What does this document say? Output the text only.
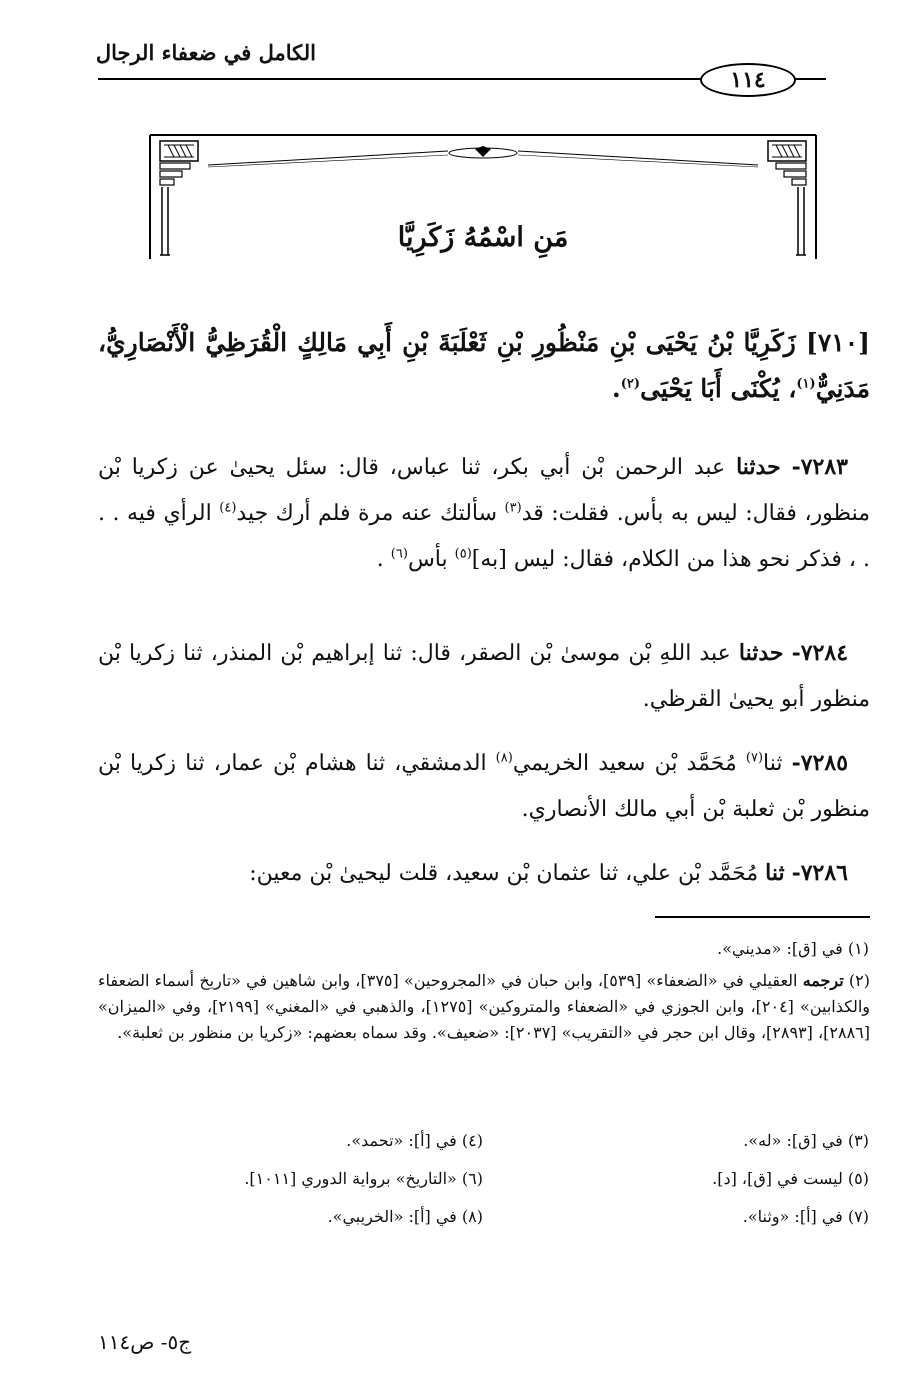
الكامل في ضعفاء الرجال
١١٤
مَنِ اسْمُهُ زَكَرِيَّا
[٧١٠] زَكَرِيَّا بْنُ يَحْيَى بْنِ مَنْظُورِ بْنِ ثَعْلَبَةَ بْنِ أَبِي مَالِكٍ الْقُرَظِيُّ الْأَنْصَارِيُّ، مَدَنِيٌّ$^{(١)}$، يُكْنَى أَبَا يَحْيَى$^{(٢)}$.
 ٧٢٨٣- حدثنا عبد الرحمن بْن أبي بكر، ثنا عباس، قال: سئل يحيىٰ عن زكريا بْن منظور، فقال: ليس به بأس. فقلت: قد$^{(٣)}$ سألتك عنه مرة فلم أرك جيد$^{(٤)}$ الرأي فيه . . . ، فذكر نحو هذا من الكلام، فقال: ليس [به]$^{(٥)}$ بأس$^{(٦)}$ .
 ٧٢٨٤- حدثنا عبد اللهِ بْن موسىٰ بْن الصقر، قال: ثنا إبراهيم بْن المنذر، ثنا زكريا بْن منظور أبو يحيىٰ القرظي.
 ٧٢٨٥- ثنا$^{(٧)}$ مُحَمَّد بْن سعيد الخريمي$^{(٨)}$ الدمشقي، ثنا هشام بْن عمار، ثنا زكريا بْن منظور بْن ثعلبة بْن أبي مالك الأنصاري.
 ٧٢٨٦- ثنا مُحَمَّد بْن علي، ثنا عثمان بْن سعيد، قلت ليحيىٰ بْن معين:
(١) في [ق]: «مديني».
(٢) ترجمه العقيلي في «الضعفاء» [٥٣٩]، وابن حبان في «المجروحين» [٣٧٥]، وابن شاهين في «تاريخ أسماء الضعفاء والكذابين» [٢٠٤]، وابن الجوزي في «الضعفاء والمتروكين» [١٢٧٥]، والذهبي في «المغني» [٢١٩٩]، وفي «الميزان» [٢٨٨٦]، [٢٨٩٣]، وقال ابن حجر في «التقريب» [٢٠٣٧]: «ضعيف». وقد سماه بعضهم: «زكريا بن منظور بن ثعلبة».
(٣) في [ق]: «له».
(٤) في [أ]: «تحمد».
(٥) ليست في [ق]، [د].
(٦) «التاريخ» برواية الدوري [١٠١١].
(٧) في [أ]: «وثنا».
(٨) في [أ]: «الخريبي».
ج٥- ص١١٤
